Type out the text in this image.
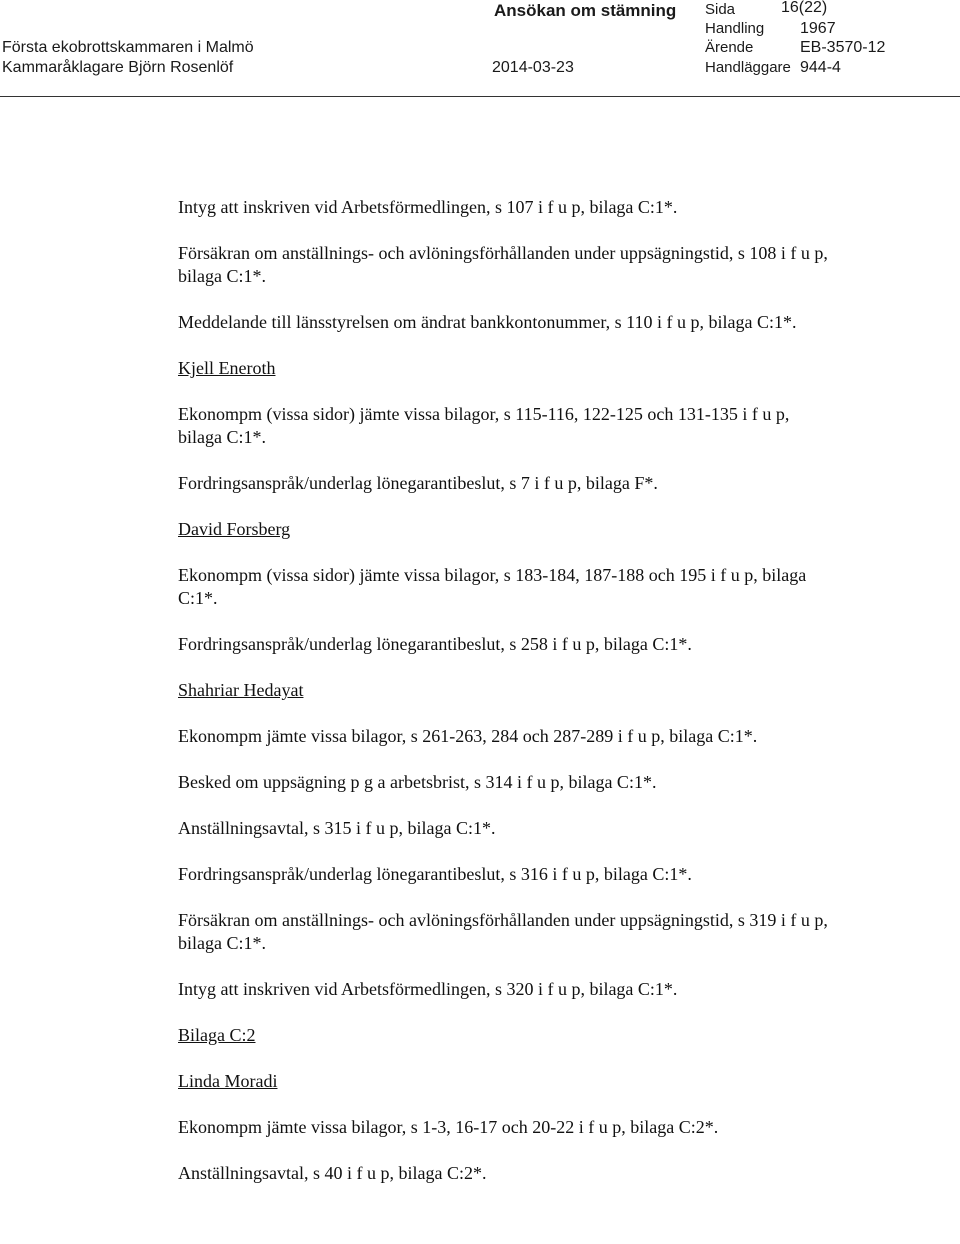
Ansökan om stämning
Första ekobrottskammaren i Malmö
Kammaråklagare Björn Rosenlöf	2014-03-23
Sida	16(22)
Handling 1967
Ärende	EB-3570-12
Handläggare 944-4

Intyg att inskriven vid Arbetsförmedlingen, s 107 i f u p, bilaga C:1*.

Försäkran om anställnings- och avlöningsförhållanden under uppsägningstid, s 108 i f u p, bilaga C:1*.

Meddelande till länsstyrelsen om ändrat bankkontonummer, s 110 i f u p, bilaga C:1*.

Kjell Eneroth

Ekonompm (vissa sidor) jämte vissa bilagor, s 115-116, 122-125 och 131-135 i f u p, bilaga C:1*.

Fordringsanspråk/underlag lönegarantibeslut, s 7 i f u p, bilaga F*.

David Forsberg

Ekonompm (vissa sidor) jämte vissa bilagor, s 183-184, 187-188 och 195 i f u p, bilaga C:1*.

Fordringsanspråk/underlag lönegarantibeslut, s 258 i f u p, bilaga C:1*.

Shahriar Hedayat

Ekonompm jämte vissa bilagor, s 261-263, 284 och 287-289 i f u p, bilaga C:1*.

Besked om uppsägning p g a arbetsbrist, s 314 i f u p, bilaga C:1*.

Anställningsavtal, s 315 i f u p, bilaga C:1*.

Fordringsanspråk/underlag lönegarantibeslut, s 316 i f u p, bilaga C:1*.

Försäkran om anställnings- och avlöningsförhållanden under uppsägningstid, s 319 i f u p, bilaga C:1*.

Intyg att inskriven vid Arbetsförmedlingen, s 320 i f u p, bilaga C:1*.

Bilaga C:2

Linda Moradi

Ekonompm jämte vissa bilagor, s 1-3, 16-17 och 20-22 i f u p, bilaga C:2*.

Anställningsavtal, s 40 i f u p, bilaga C:2*.
